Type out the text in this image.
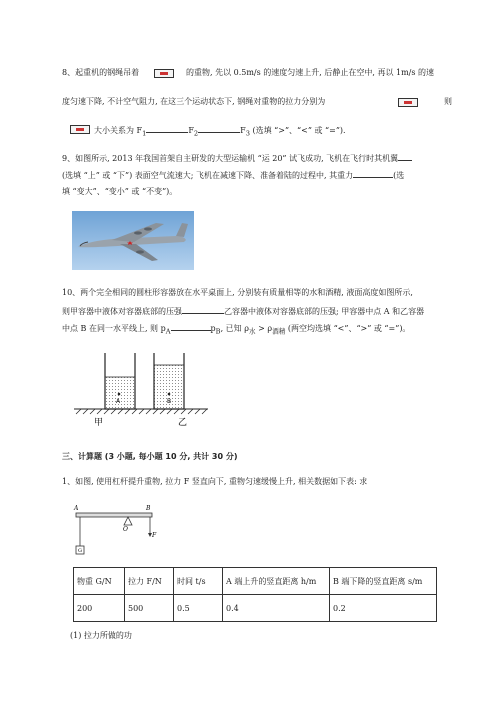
8、起重机的钢绳吊着	的重物, 先以 0.5m/s 的速度匀速上升, 后静止在空中, 再以 1m/s 的速
度匀速下降, 不计空气阻力, 在这三个运动状态下, 钢绳对重物的拉力分别为	则
大小关系为 $F_1$	$F_2$	$F_3$ (选填 “>”、“<” 或 “=”).
9、如图所示, 2013 年我国首架自主研发的大型运输机 “运 20” 试飞成功, 飞机在飞行时其机翼
(选填 “上” 或 “下”) 表面空气流速大; 飞机在减速下降、准备着陆的过程中, 其重力	(选
填 “变大”、“变小” 或 “不变”)。
10、两个完全相同的圆柱形容器放在水平桌面上, 分别装有质量相等的水和酒精, 液面高度如图所示,
则甲容器中液体对容器底部的压强	乙容器中液体对容器底部的压强; 甲容器中点 A 和乙容器
中点 B 在同一水平线上, 则 $p_A$	$p_B$, 已知 $\rho_水 > \rho_{酒精}$ (两空均选填 “<”、“>” 或 “=”)。
A	B
甲	乙
三、计算题 (3 小题, 每小题 10 分, 共计 30 分)
1、如图, 使用杠杆提升重物, 拉力 F 竖直向下, 重物匀速缓慢上升, 相关数据如下表: 求
A
O
B
G
F
物重 G/N	拉力 F/N	时间 t/s	A 端上升的竖直距离 h/m	B 端下降的竖直距离 s/m
200	500	0.5	0.4	0.2
(1) 拉力所做的功
